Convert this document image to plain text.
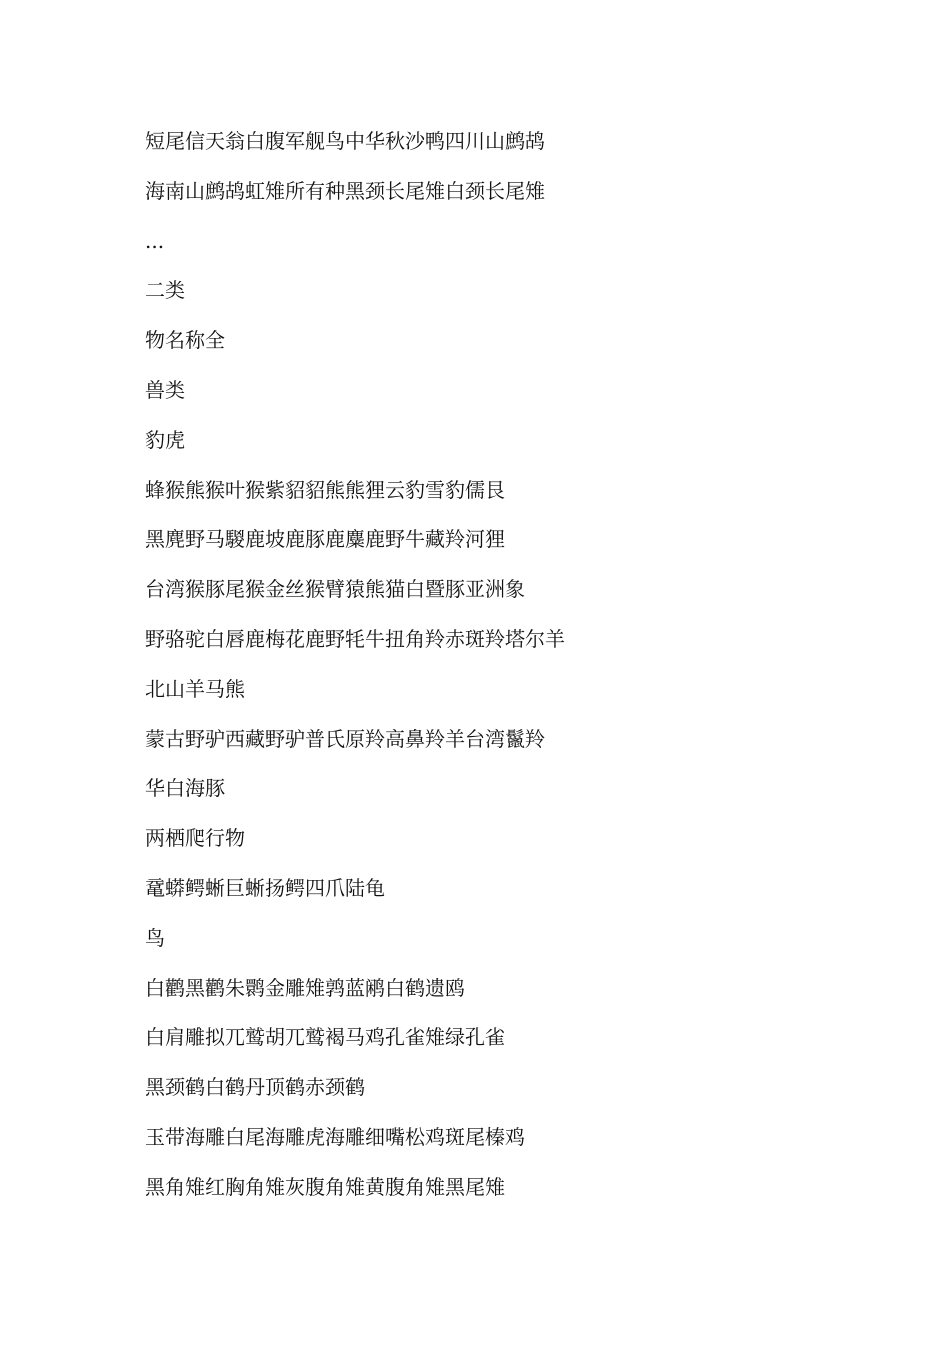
短尾信天翁白腹军舰鸟中华秋沙鸭四川山鹧鸪
海南山鹧鸪虹雉所有种黑颈长尾雉白颈长尾雉
...
二类
物名称全
兽类
豹虎
蜂猴熊猴叶猴紫貂貂熊熊狸云豹雪豹儒艮
黑麂野马騣鹿坡鹿豚鹿麋鹿野牛藏羚河狸
台湾猴豚尾猴金丝猴臂猿熊猫白暨豚亚洲象
野骆驼白唇鹿梅花鹿野牦牛扭角羚赤斑羚塔尔羊
北山羊马熊
蒙古野驴西藏野驴普氏原羚高鼻羚羊台湾鬣羚
华白海豚
两栖爬行物
鼋蟒鳄蜥巨蜥扬鳄四爪陆龟
鸟
白鹳黑鹳朱鹮金雕雉鹑蓝鹇白鹤遗鸥
白肩雕拟兀鹫胡兀鹫褐马鸡孔雀雉绿孔雀
黑颈鹤白鹤丹顶鹤赤颈鹤
玉带海雕白尾海雕虎海雕细嘴松鸡斑尾榛鸡
黑角雉红胸角雉灰腹角雉黄腹角雉黑尾雉
